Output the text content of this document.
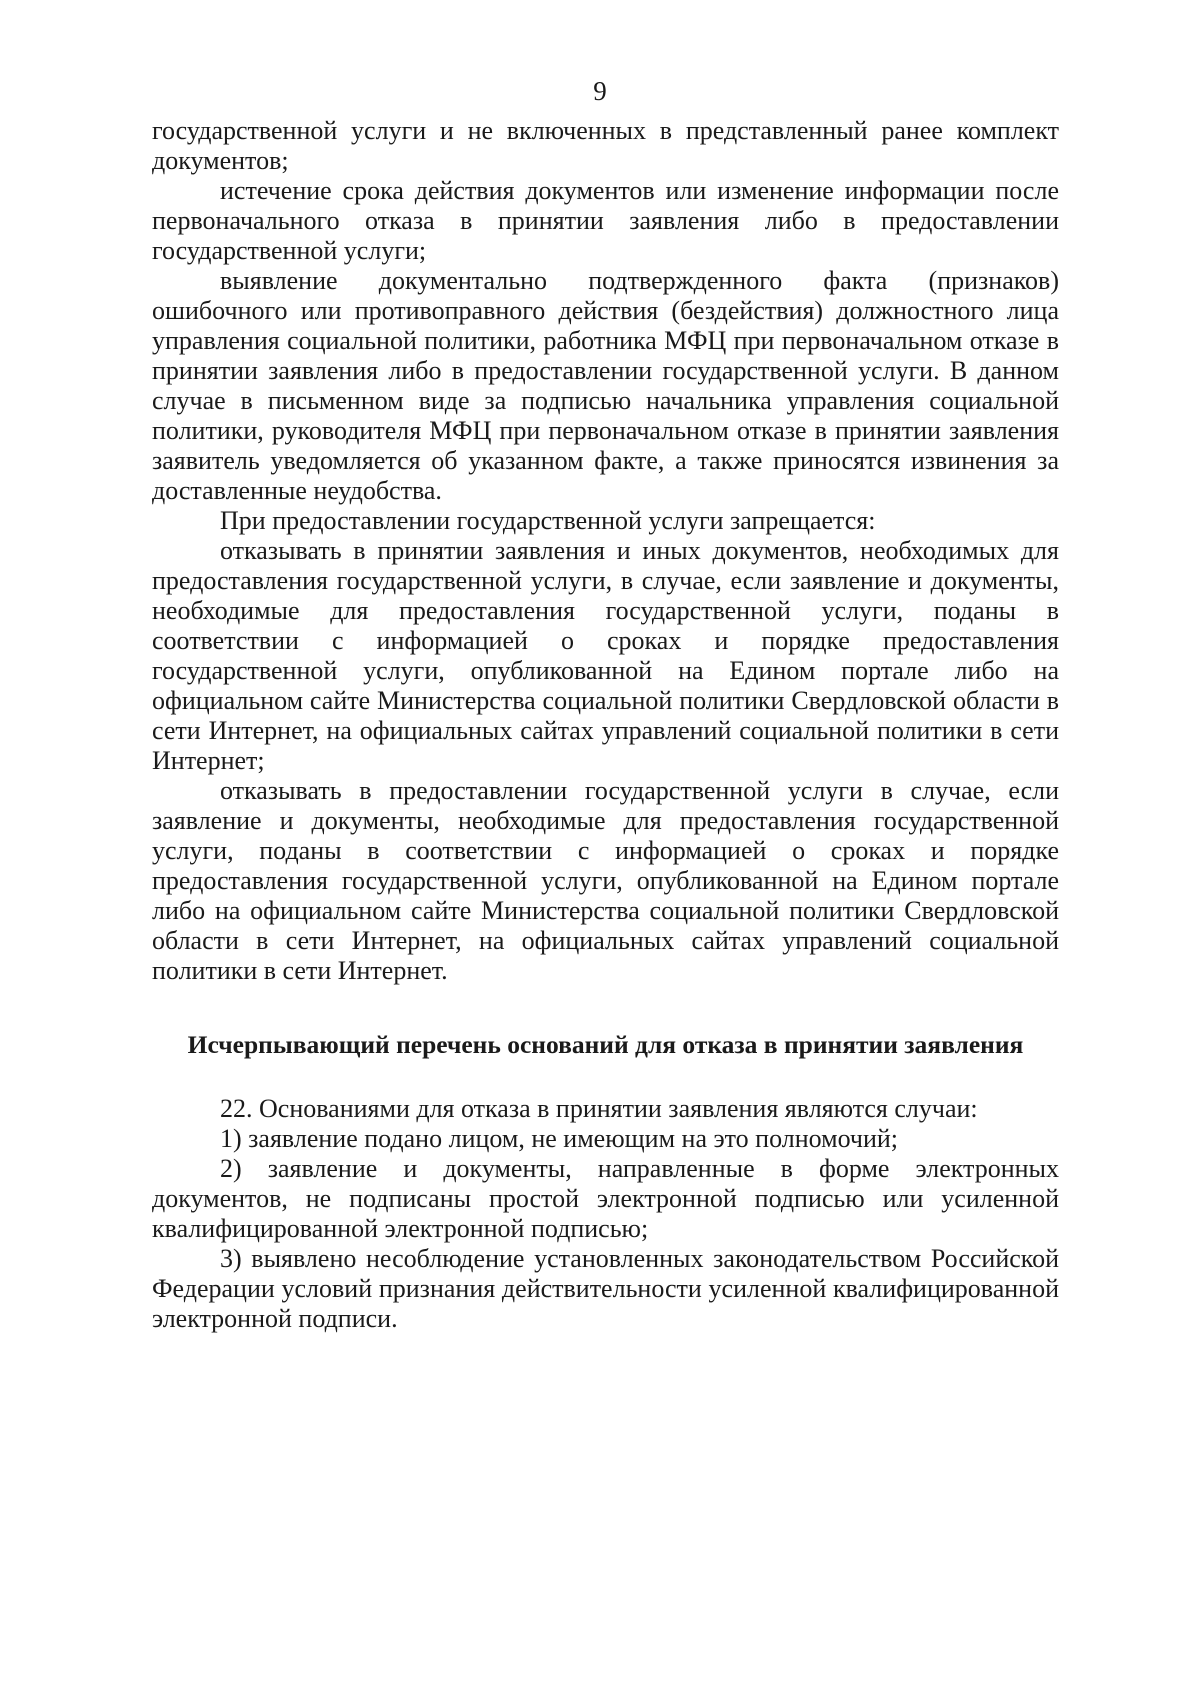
9

государственной услуги и не включенных в представленный ранее комплект документов;

истечение срока действия документов или изменение информации после первоначального отказа в принятии заявления либо в предоставлении государственной услуги;

выявление документально подтвержденного факта (признаков) ошибочного или противоправного действия (бездействия) должностного лица управления социальной политики, работника МФЦ при первоначальном отказе в принятии заявления либо в предоставлении государственной услуги. В данном случае в письменном виде за подписью начальника управления социальной политики, руководителя МФЦ при первоначальном отказе в принятии заявления заявитель уведомляется об указанном факте, а также приносятся извинения за доставленные неудобства.

При предоставлении государственной услуги запрещается:

отказывать в принятии заявления и иных документов, необходимых для предоставления государственной услуги, в случае, если заявление и документы, необходимые для предоставления государственной услуги, поданы в соответствии с информацией о сроках и порядке предоставления государственной услуги, опубликованной на Едином портале либо на официальном сайте Министерства социальной политики Свердловской области в сети Интернет, на официальных сайтах управлений социальной политики в сети Интернет;

отказывать в предоставлении государственной услуги в случае, если заявление и документы, необходимые для предоставления государственной услуги, поданы в соответствии с информацией о сроках и порядке предоставления государственной услуги, опубликованной на Едином портале либо на официальном сайте Министерства социальной политики Свердловской области в сети Интернет, на официальных сайтах управлений социальной политики в сети Интернет.

Исчерпывающий перечень оснований для отказа в принятии заявления

22. Основаниями для отказа в принятии заявления являются случаи:

1) заявление подано лицом, не имеющим на это полномочий;

2) заявление и документы, направленные в форме электронных документов, не подписаны простой электронной подписью или усиленной квалифицированной электронной подписью;

3) выявлено несоблюдение установленных законодательством Российской Федерации условий признания действительности усиленной квалифицированной электронной подписи.
